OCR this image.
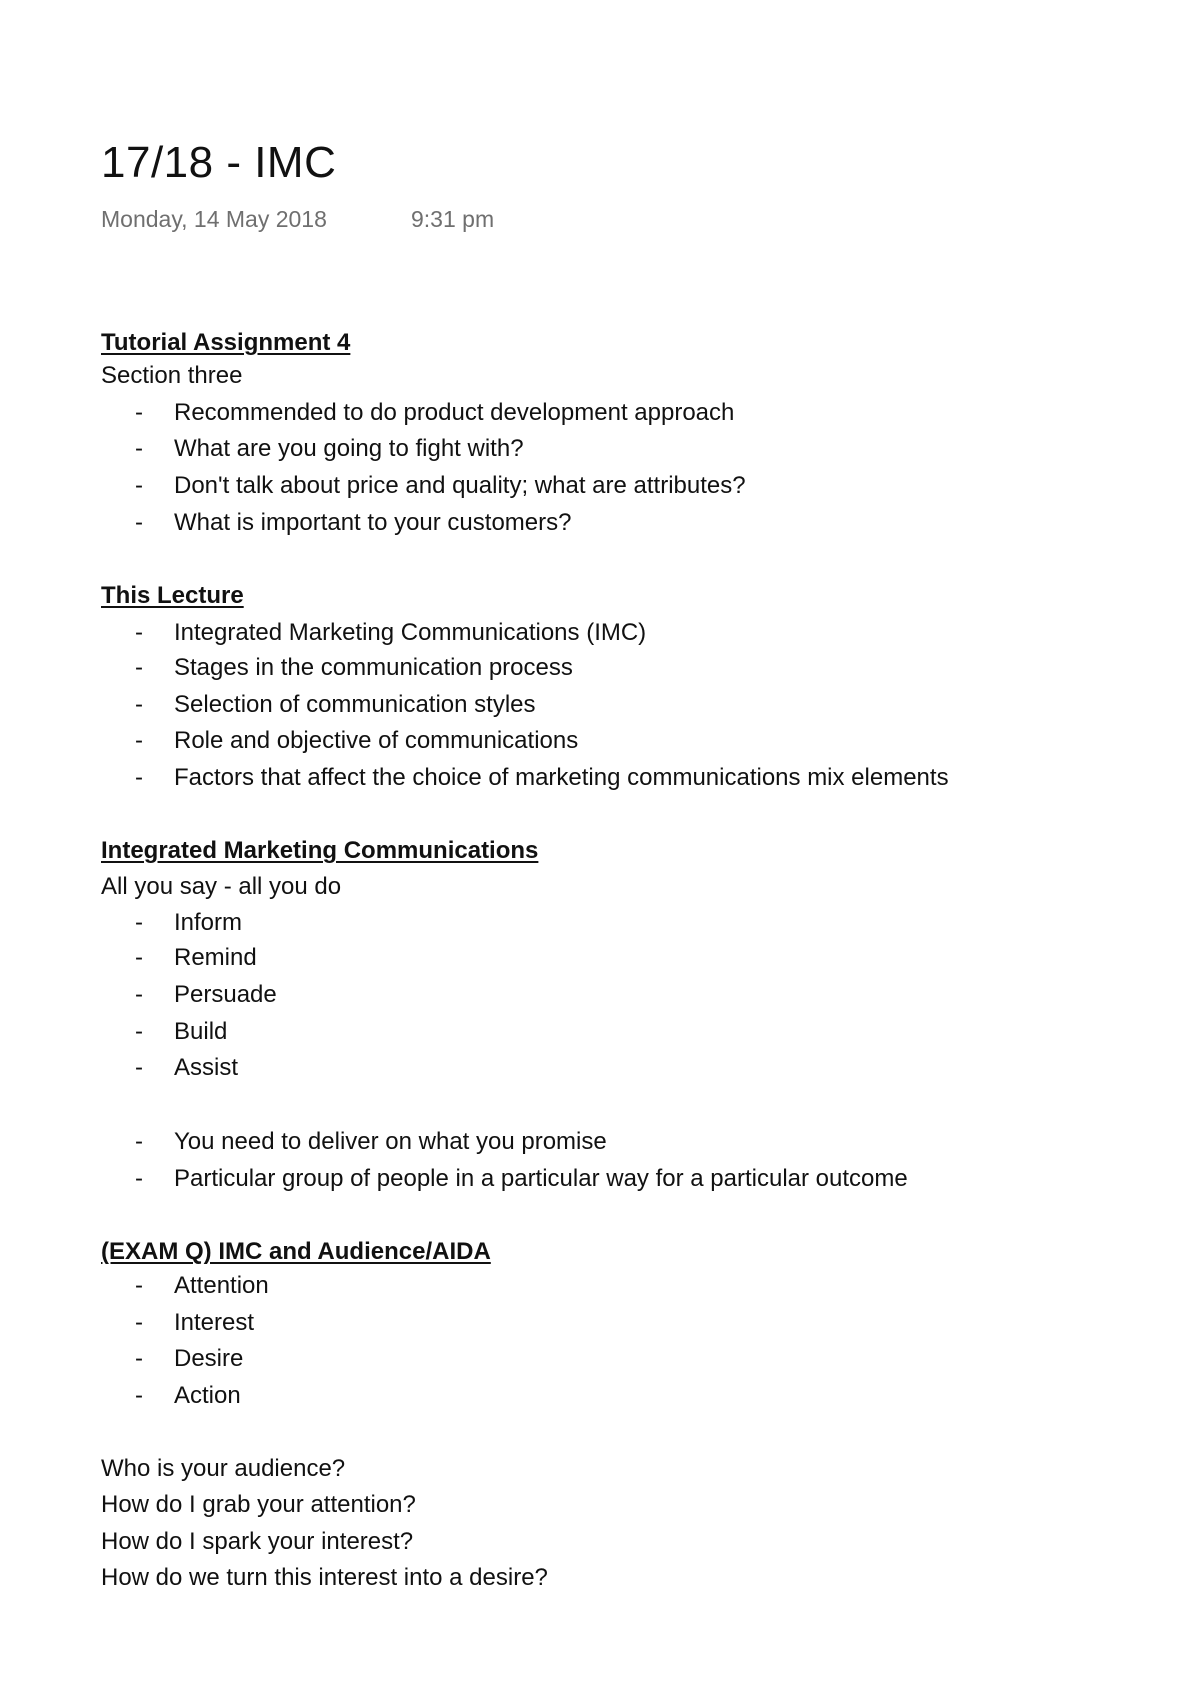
17/18 - IMC
Monday, 14 May 2018	9:31 pm
Tutorial Assignment 4
Section three
- Recommended to do product development approach
- What are you going to fight with?
- Don't talk about price and quality; what are attributes?
- What is important to your customers?
This Lecture
- Integrated Marketing Communications (IMC)
- Stages in the communication process
- Selection of communication styles
- Role and objective of communications
- Factors that affect the choice of marketing communications mix elements
Integrated Marketing Communications
All you say - all you do
- Inform
- Remind
- Persuade
- Build
- Assist
- You need to deliver on what you promise
- Particular group of people in a particular way for a particular outcome
(EXAM Q) IMC and Audience/AIDA
- Attention
- Interest
- Desire
- Action
Who is your audience?
How do I grab your attention?
How do I spark your interest?
How do we turn this interest into a desire?
